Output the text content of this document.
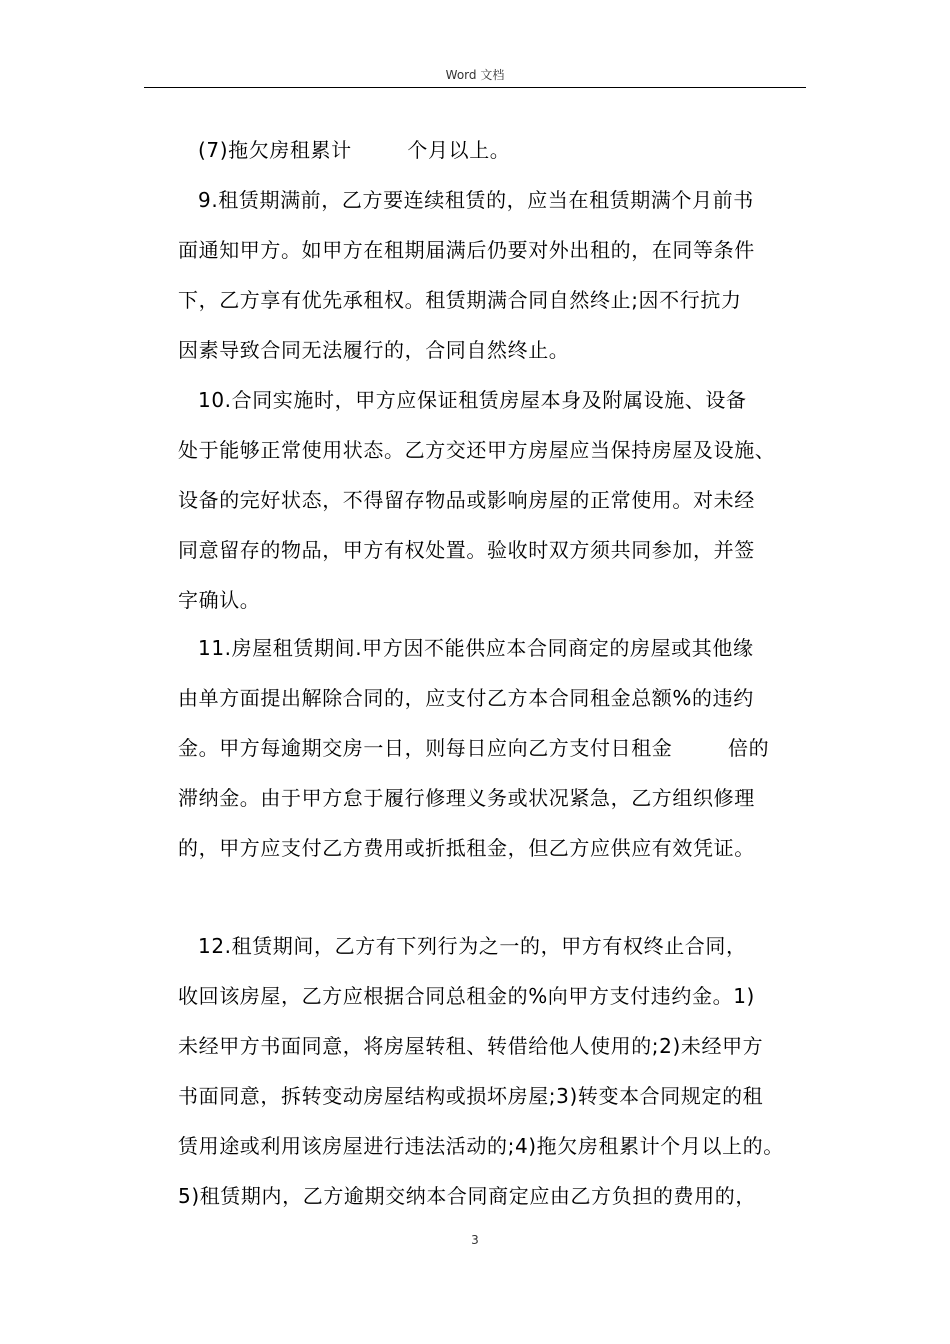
Word 文档
(7)拖欠房租累计        个月以上。
9.租赁期满前，乙方要连续租赁的，应当在租赁期满个月前书
面通知甲方。如甲方在租期届满后仍要对外出租的，在同等条件
下，乙方享有优先承租权。租赁期满合同自然终止;因不行抗力
因素导致合同无法履行的，合同自然终止。
10.合同实施时，甲方应保证租赁房屋本身及附属设施、设备
处于能够正常使用状态。乙方交还甲方房屋应当保持房屋及设施、
设备的完好状态，不得留存物品或影响房屋的正常使用。对未经
同意留存的物品，甲方有权处置。验收时双方须共同参加，并签
字确认。
11.房屋租赁期间.甲方因不能供应本合同商定的房屋或其他缘
由单方面提出解除合同的，应支付乙方本合同租金总额%的违约
金。甲方每逾期交房一日，则每日应向乙方支付日租金        倍的
滞纳金。由于甲方怠于履行修理义务或状况紧急，乙方组织修理
的，甲方应支付乙方费用或折抵租金，但乙方应供应有效凭证。
12.租赁期间，乙方有下列行为之一的，甲方有权终止合同，
收回该房屋，乙方应根据合同总租金的%向甲方支付违约金。1)
未经甲方书面同意，将房屋转租、转借给他人使用的;2)未经甲方
书面同意，拆转变动房屋结构或损坏房屋;3)转变本合同规定的租
赁用途或利用该房屋进行违法活动的;4)拖欠房租累计个月以上的。
5)租赁期内，乙方逾期交纳本合同商定应由乙方负担的费用的，
3
